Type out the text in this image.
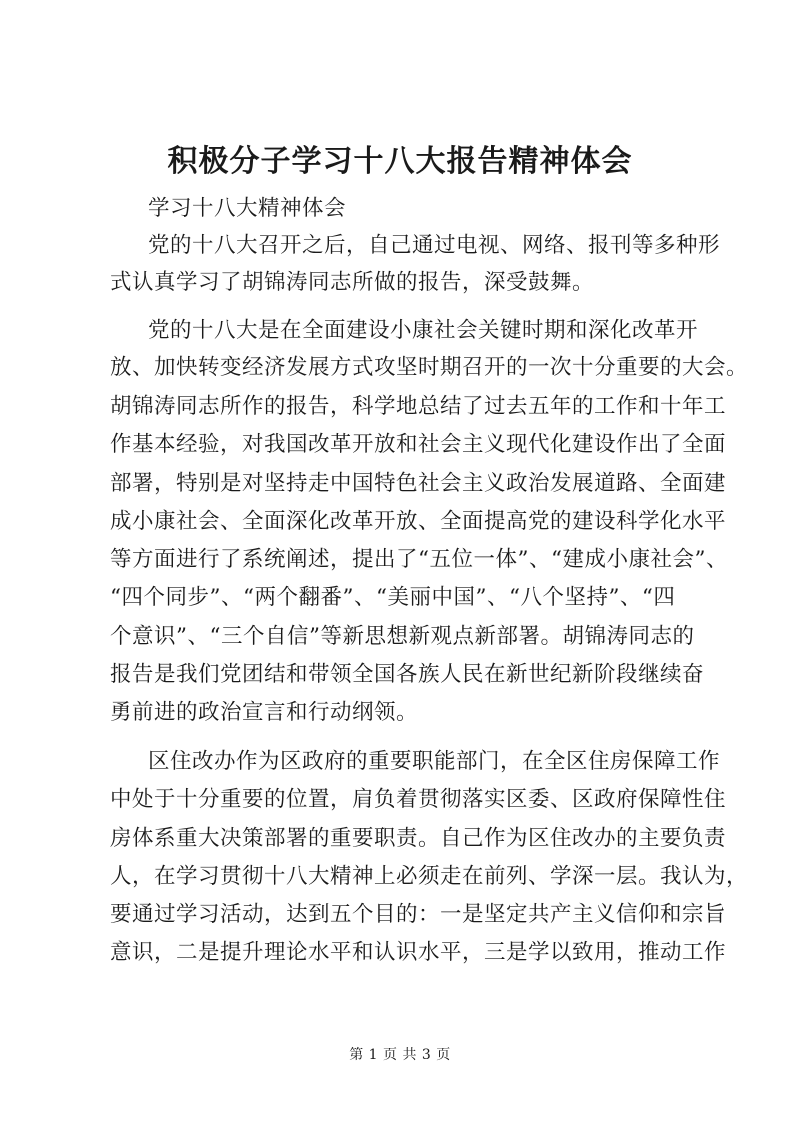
积极分子学习十八大报告精神体会
学习十八大精神体会
党的十八大召开之后，自己通过电视、网络、报刊等多种形
式认真学习了胡锦涛同志所做的报告，深受鼓舞。
党的十八大是在全面建设小康社会关键时期和深化改革开
放、加快转变经济发展方式攻坚时期召开的一次十分重要的大会。
胡锦涛同志所作的报告，科学地总结了过去五年的工作和十年工
作基本经验，对我国改革开放和社会主义现代化建设作出了全面
部署，特别是对坚持走中国特色社会主义政治发展道路、全面建
成小康社会、全面深化改革开放、全面提高党的建设科学化水平
等方面进行了系统阐述，提出了“五位一体”、“建成小康社会”、
“四个同步”、“两个翻番”、“美丽中国”、“八个坚持”、“四
个意识”、“三个自信”等新思想新观点新部署。胡锦涛同志的
报告是我们党团结和带领全国各族人民在新世纪新阶段继续奋
勇前进的政治宣言和行动纲领。
区住改办作为区政府的重要职能部门，在全区住房保障工作
中处于十分重要的位置，肩负着贯彻落实区委、区政府保障性住
房体系重大决策部署的重要职责。自己作为区住改办的主要负责
人，在学习贯彻十八大精神上必须走在前列、学深一层。我认为，
要通过学习活动，达到五个目的：一是坚定共产主义信仰和宗旨
意识，二是提升理论水平和认识水平，三是学以致用，推动工作
第 1 页 共 3 页
